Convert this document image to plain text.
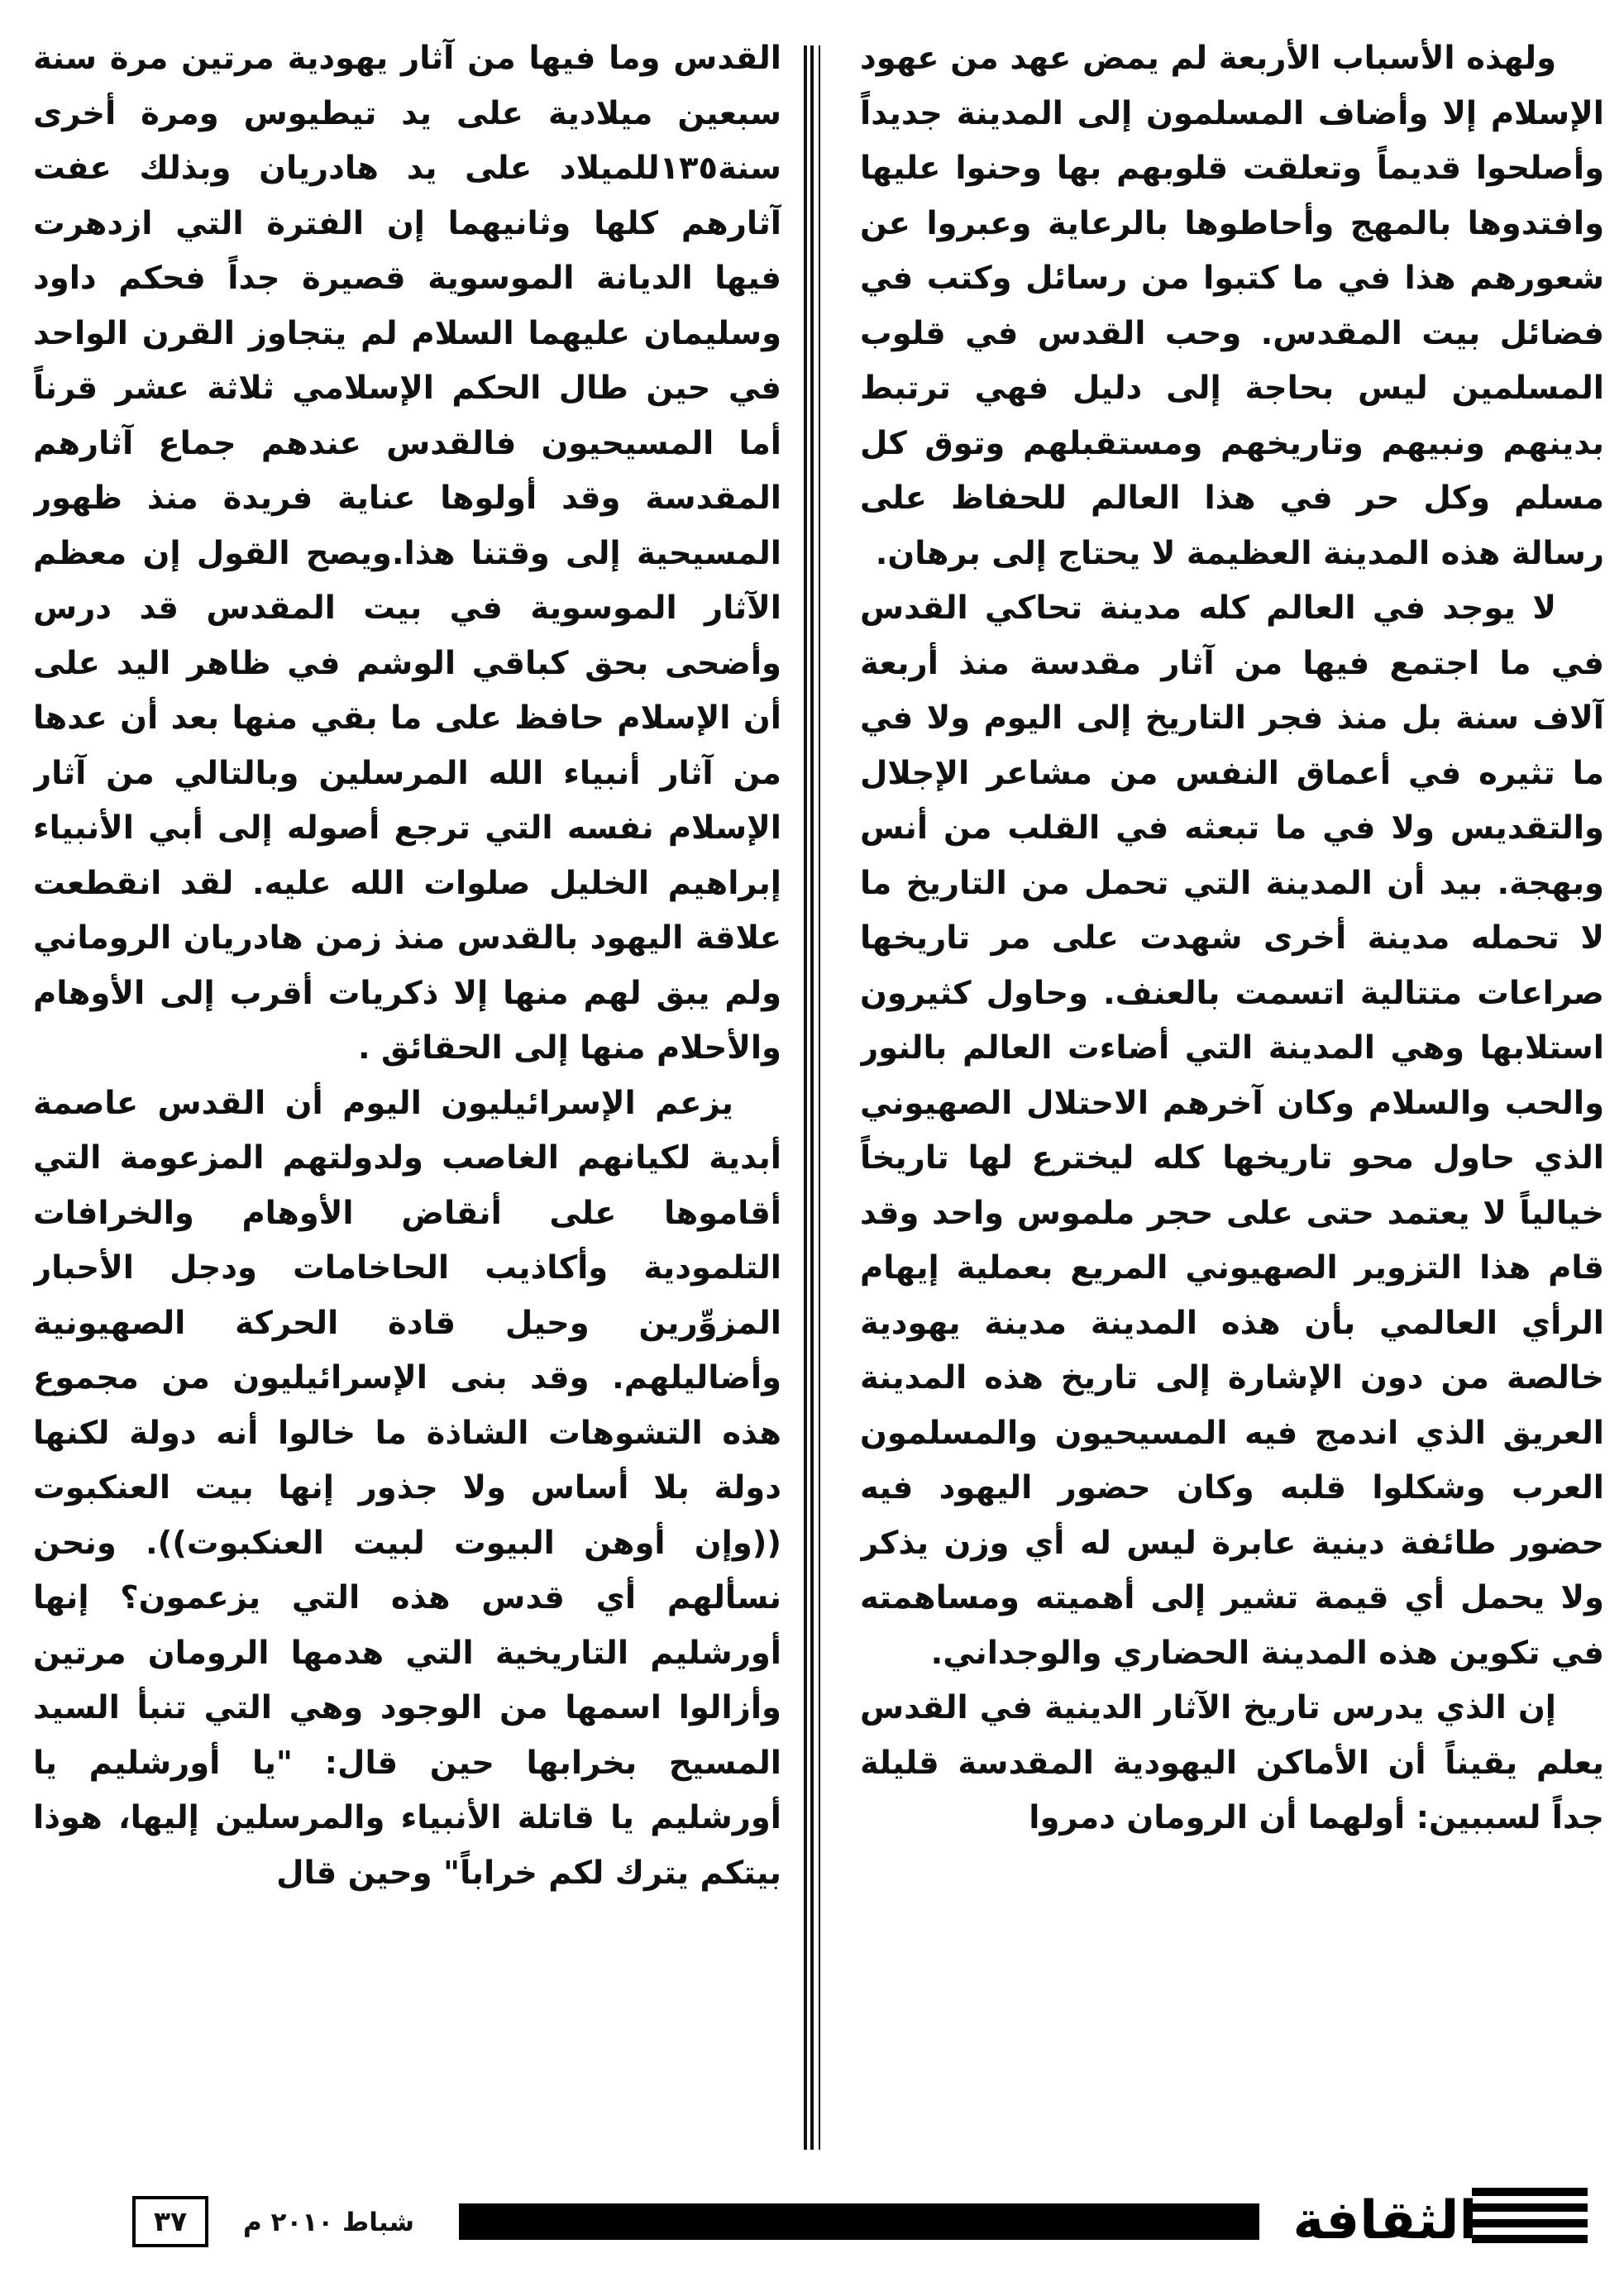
ولهذه الأسباب الأربعة لم يمض عهد من عهود الإسلام إلا وأضاف المسلمون إلى المدينة جديداً وأصلحوا قديماً وتعلقت قلوبهم بها وحنوا عليها وافتدوها بالمهج وأحاطوها بالرعاية وعبروا عن شعورهم هذا في ما كتبوا من رسائل وكتب في فضائل بيت المقدس. وحب القدس في قلوب المسلمين ليس بحاجة إلى دليل فهي ترتبط بدينهم ونبيهم وتاريخهم ومستقبلهم وتوق كل مسلم وكل حر في هذا العالم للحفاظ على رسالة هذه المدينة العظيمة لا يحتاج إلى برهان.

لا يوجد في العالم كله مدينة تحاكي القدس في ما اجتمع فيها من آثار مقدسة منذ أربعة آلاف سنة بل منذ فجر التاريخ إلى اليوم ولا في ما تثيره في أعماق النفس من مشاعر الإجلال والتقديس ولا في ما تبعثه في القلب من أنس وبهجة. بيد أن المدينة التي تحمل من التاريخ ما لا تحمله مدينة أخرى شهدت على مر تاريخها صراعات متتالية اتسمت بالعنف. وحاول كثيرون استلابها وهي المدينة التي أضاءت العالم بالنور والحب والسلام وكان آخرهم الاحتلال الصهيوني الذي حاول محو تاريخها كله ليخترع لها تاريخاً خيالياً لا يعتمد حتى على حجر ملموس واحد وقد قام هذا التزوير الصهيوني المريع بعملية إيهام الرأي العالمي بأن هذه المدينة مدينة يهودية خالصة من دون الإشارة إلى تاريخ هذه المدينة العريق الذي اندمج فيه المسيحيون والمسلمون العرب وشكلوا قلبه وكان حضور اليهود فيه حضور طائفة دينية عابرة ليس له أي وزن يذكر ولا يحمل أي قيمة تشير إلى أهميته ومساهمته في تكوين هذه المدينة الحضاري والوجداني.

إن الذي يدرس تاريخ الآثار الدينية في القدس يعلم يقيناً أن الأماكن اليهودية المقدسة قليلة جداً لسببين: أولهما أن الرومان دمروا

القدس وما فيها من آثار يهودية مرتين مرة سنة سبعين ميلادية على يد تيطيوس ومرة أخرى سنة١٣٥للميلاد على يد هادريان وبذلك عفت آثارهم كلها وثانيهما إن الفترة التي ازدهرت فيها الديانة الموسوية قصيرة جداً فحكم داود وسليمان عليهما السلام لم يتجاوز القرن الواحد في حين طال الحكم الإسلامي ثلاثة عشر قرناً أما المسيحيون فالقدس عندهم جماع آثارهم المقدسة وقد أولوها عناية فريدة منذ ظهور المسيحية إلى وقتنا هذا.ويصح القول إن معظم الآثار الموسوية في بيت المقدس قد درس وأضحى بحق كباقي الوشم في ظاهر اليد على أن الإسلام حافظ على ما بقي منها بعد أن عدها من آثار أنبياء الله المرسلين وبالتالي من آثار الإسلام نفسه التي ترجع أصوله إلى أبي الأنبياء إبراهيم الخليل صلوات الله عليه. لقد انقطعت علاقة اليهود بالقدس منذ زمن هادريان الروماني ولم يبق لهم منها إلا ذكريات أقرب إلى الأوهام والأحلام منها إلى الحقائق .

يزعم الإسرائيليون اليوم أن القدس عاصمة أبدية لكيانهم الغاصب ولدولتهم المزعومة التي أقاموها على أنقاض الأوهام والخرافات التلمودية وأكاذيب الحاخامات ودجل الأحبار المزوِّرين وحيل قادة الحركة الصهيونية وأضاليلهم. وقد بنى الإسرائيليون من مجموع هذه التشوهات الشاذة ما خالوا أنه دولة لكنها دولة بلا أساس ولا جذور إنها بيت العنكبوت ((وإن أوهن البيوت لبيت العنكبوت)). ونحن نسألهم أي قدس هذه التي يزعمون؟ إنها أورشليم التاريخية التي هدمها الرومان مرتين وأزالوا اسمها من الوجود وهي التي تنبأ السيد المسيح بخرابها حين قال: "يا أورشليم يا أورشليم يا قاتلة الأنبياء والمرسلين إليها، هوذا بيتكم يترك لكم خراباً" وحين قال

الثقافة
شباط ٢٠١٠ م
٣٧
